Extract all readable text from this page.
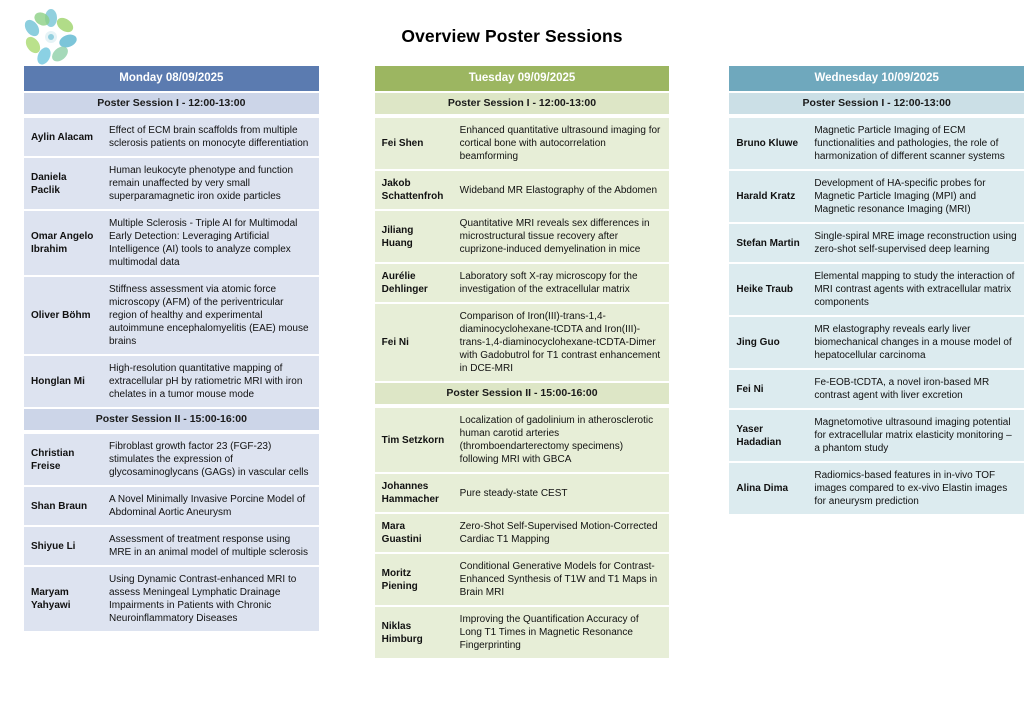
Overview Poster Sessions
Monday 08/09/2025
Poster Session I - 12:00-13:00
Aylin Alacam	Effect of ECM brain scaffolds from multiple sclerosis patients on monocyte differentiation
Daniela Paclik	Human leukocyte phenotype and function remain unaffected by very small superparamagnetic iron oxide particles
Omar Angelo Ibrahim	Multiple Sclerosis - Triple AI for Multimodal Early Detection: Leveraging Artificial Intelligence (AI) tools to analyze complex multimodal data
Oliver Böhm	Stiffness assessment via atomic force microscopy (AFM) of the periventricular region of healthy and experimental autoimmune encephalomyelitis (EAE) mouse brains
Honglan Mi	High-resolution quantitative mapping of extracellular pH by ratiometric MRI with iron chelates in a tumor mouse mode
Poster Session II - 15:00-16:00
Christian Freise	Fibroblast growth factor 23 (FGF-23) stimulates the expression of glycosaminoglycans (GAGs) in vascular cells
Shan Braun	A Novel Minimally Invasive Porcine Model of Abdominal Aortic Aneurysm
Shiyue Li	Assessment of treatment response using MRE in an animal model of multiple sclerosis
Maryam Yahyawi	Using Dynamic Contrast-enhanced MRI to assess Meningeal Lymphatic Drainage Impairments in Patients with Chronic Neuroinflammatory Diseases
Tuesday 09/09/2025
Poster Session I - 12:00-13:00
Fei Shen	Enhanced quantitative ultrasound imaging for cortical bone with autocorrelation beamforming
Jakob Schattenfroh	Wideband MR Elastography of the Abdomen
Jiliang Huang	Quantitative MRI reveals sex differences in microstructural tissue recovery after cuprizone-induced demyelination in mice
Aurélie Dehlinger	Laboratory soft X-ray microscopy for the investigation of the extracellular matrix
Fei Ni	Comparison of Iron(III)-trans-1,4-diaminocyclohexane-tCDTA and Iron(III)-trans-1,4-diaminocyclohexane-tCDTA-Dimer with Gadobutrol for T1 contrast enhancement in DCE-MRI
Poster Session II - 15:00-16:00
Tim Setzkorn	Localization of gadolinium in atherosclerotic human carotid arteries (thromboendarterectomy specimens) following MRI with GBCA
Johannes Hammacher	Pure steady-state CEST
Mara Guastini	Zero-Shot Self-Supervised Motion-Corrected Cardiac T1 Mapping
Moritz Piening	Conditional Generative Models for Contrast-Enhanced Synthesis of T1W and T1 Maps in Brain MRI
Niklas Himburg	Improving the Quantification Accuracy of Long T1 Times in Magnetic Resonance Fingerprinting
Wednesday 10/09/2025
Poster Session I - 12:00-13:00
Bruno Kluwe	Magnetic Particle Imaging of ECM functionalities and pathologies, the role of harmonization of different scanner systems
Harald Kratz	Development of HA-specific probes for Magnetic Particle Imaging (MPI) and Magnetic resonance Imaging (MRI)
Stefan Martin	Single-spiral MRE image reconstruction using zero-shot self-supervised deep learning
Heike Traub	Elemental mapping to study the interaction of MRI contrast agents with extracellular matrix components
Jing Guo	MR elastography reveals early liver biomechanical changes in a mouse model of hepatocellular carcinoma
Fei Ni	Fe-EOB-tCDTA, a novel iron-based MR contrast agent with liver excretion
Yaser Hadadian	Magnetomotive ultrasound imaging potential for extracellular matrix elasticity monitoring – a phantom study
Alina Dima	Radiomics-based features in in-vivo TOF images compared to ex-vivo Elastin images for aneurysm prediction
